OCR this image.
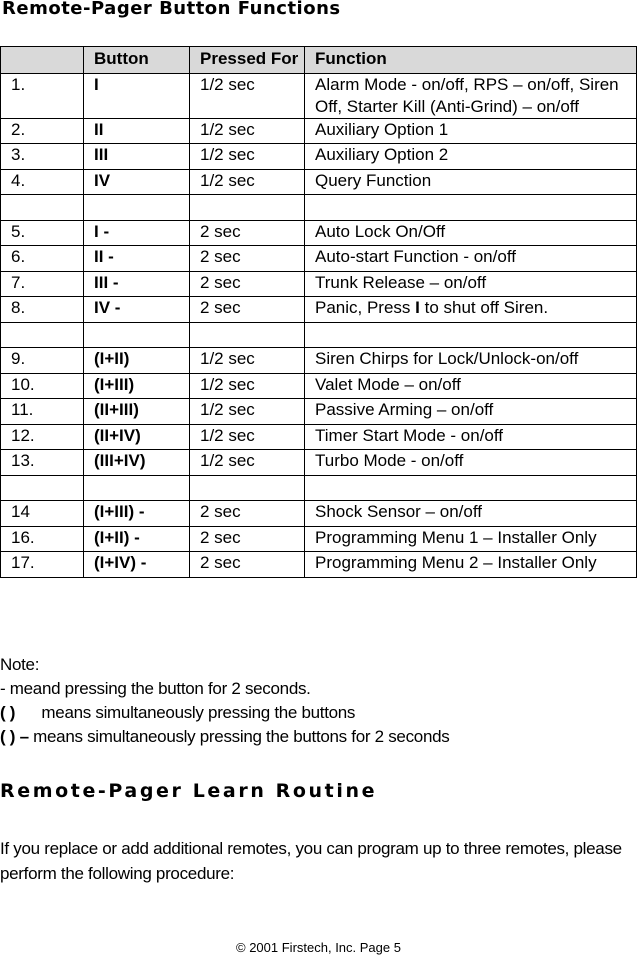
Remote-Pager Button Functions
	Button	Pressed For	Function
1.	I	1/2 sec	Alarm Mode - on/off, RPS – on/off, Siren Off, Starter Kill (Anti-Grind) – on/off
2.	II	1/2 sec	Auxiliary Option 1
3.	III	1/2 sec	Auxiliary Option 2
4.	IV	1/2 sec	Query Function

5.	I -	2 sec	Auto Lock On/Off
6.	II -	2 sec	Auto-start Function - on/off
7.	III -	2 sec	Trunk Release – on/off
8.	IV -	2 sec	Panic, Press I to shut off Siren.

9.	(I+II)	1/2 sec	Siren Chirps for Lock/Unlock-on/off
10.	(I+III)	1/2 sec	Valet Mode – on/off
11.	(II+III)	1/2 sec	Passive Arming – on/off
12.	(II+IV)	1/2 sec	Timer Start Mode - on/off
13.	(III+IV)	1/2 sec	Turbo Mode - on/off

14	(I+III) -	2 sec	Shock Sensor – on/off
16.	(I+II) -	2 sec	Programming Menu 1 – Installer Only
17.	(I+IV) -	2 sec	Programming Menu 2 – Installer Only
Note:
- meand pressing the button for 2 seconds.
( ) means simultaneously pressing the buttons
( ) – means simultaneously pressing the buttons for 2 seconds
Remote-Pager Learn Routine
If you replace or add additional remotes, you can program up to three remotes, please perform the following procedure:
© 2001 Firstech, Inc. Page 5
